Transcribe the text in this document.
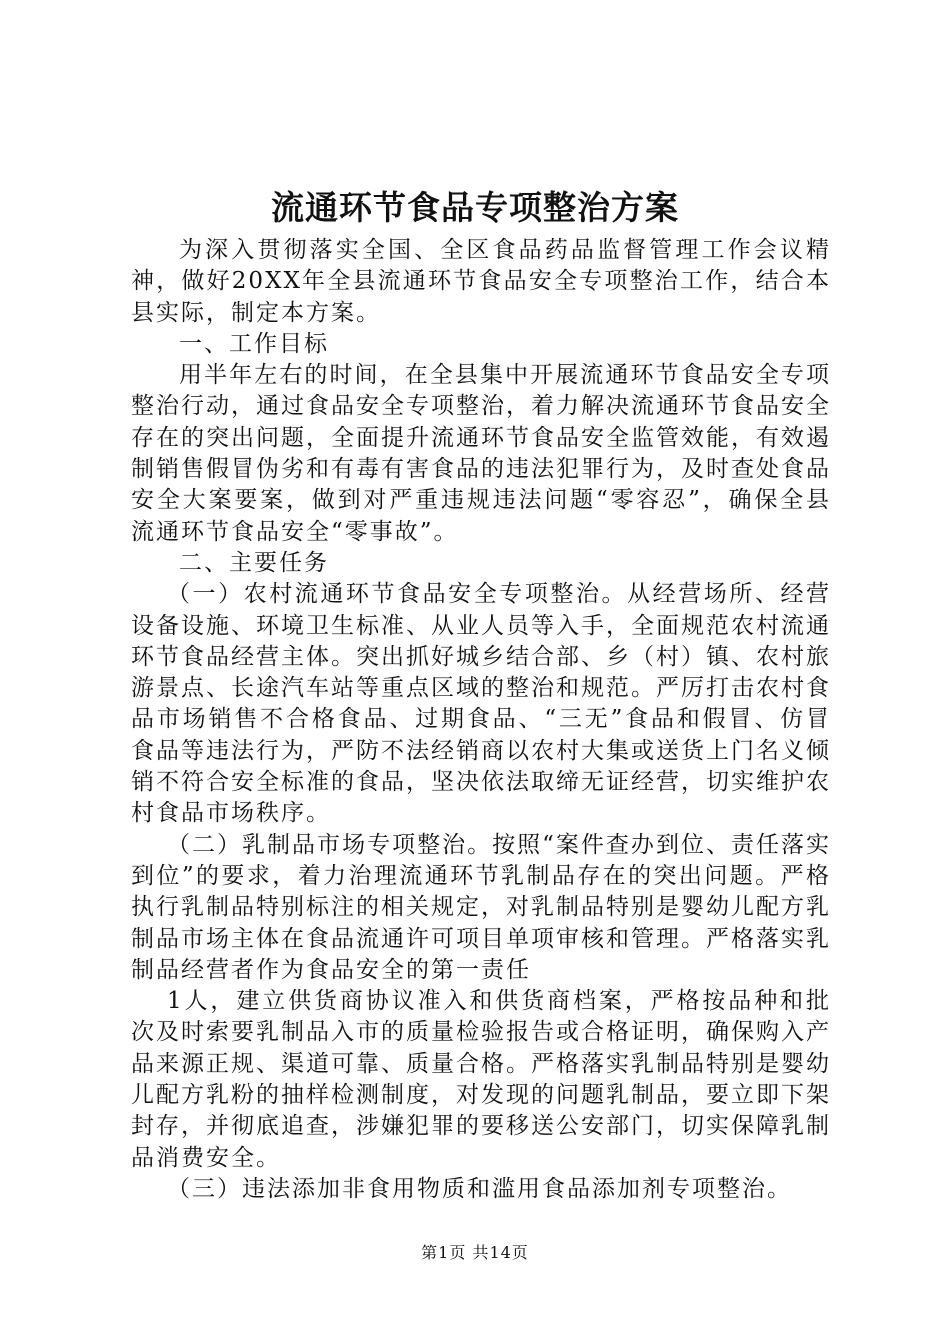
流通环节食品专项整治方案

为深入贯彻落实全国、全区食品药品监督管理工作会议精神，做好20XX年全县流通环节食品安全专项整治工作，结合本县实际，制定本方案。

一、工作目标

用半年左右的时间，在全县集中开展流通环节食品安全专项整治行动，通过食品安全专项整治，着力解决流通环节食品安全存在的突出问题，全面提升流通环节食品安全监管效能，有效遏制销售假冒伪劣和有毒有害食品的违法犯罪行为，及时查处食品安全大案要案，做到对严重违规违法问题“零容忍”，确保全县流通环节食品安全“零事故”。

二、主要任务

（一）农村流通环节食品安全专项整治。从经营场所、经营设备设施、环境卫生标准、从业人员等入手，全面规范农村流通环节食品经营主体。突出抓好城乡结合部、乡（村）镇、农村旅游景点、长途汽车站等重点区域的整治和规范。严厉打击农村食品市场销售不合格食品、过期食品、“三无”食品和假冒、仿冒食品等违法行为，严防不法经销商以农村大集或送货上门名义倾销不符合安全标准的食品，坚决依法取缔无证经营，切实维护农村食品市场秩序。

（二）乳制品市场专项整治。按照“案件查办到位、责任落实到位”的要求，着力治理流通环节乳制品存在的突出问题。严格执行乳制品特别标注的相关规定，对乳制品特别是婴幼儿配方乳制品市场主体在食品流通许可项目单项审核和管理。严格落实乳制品经营者作为食品安全的第一责任

1人，建立供货商协议准入和供货商档案，严格按品种和批次及时索要乳制品入市的质量检验报告或合格证明，确保购入产品来源正规、渠道可靠、质量合格。严格落实乳制品特别是婴幼儿配方乳粉的抽样检测制度，对发现的问题乳制品，要立即下架封存，并彻底追查，涉嫌犯罪的要移送公安部门，切实保障乳制品消费安全。

（三）违法添加非食用物质和滥用食品添加剂专项整治。

第1页 共14页
